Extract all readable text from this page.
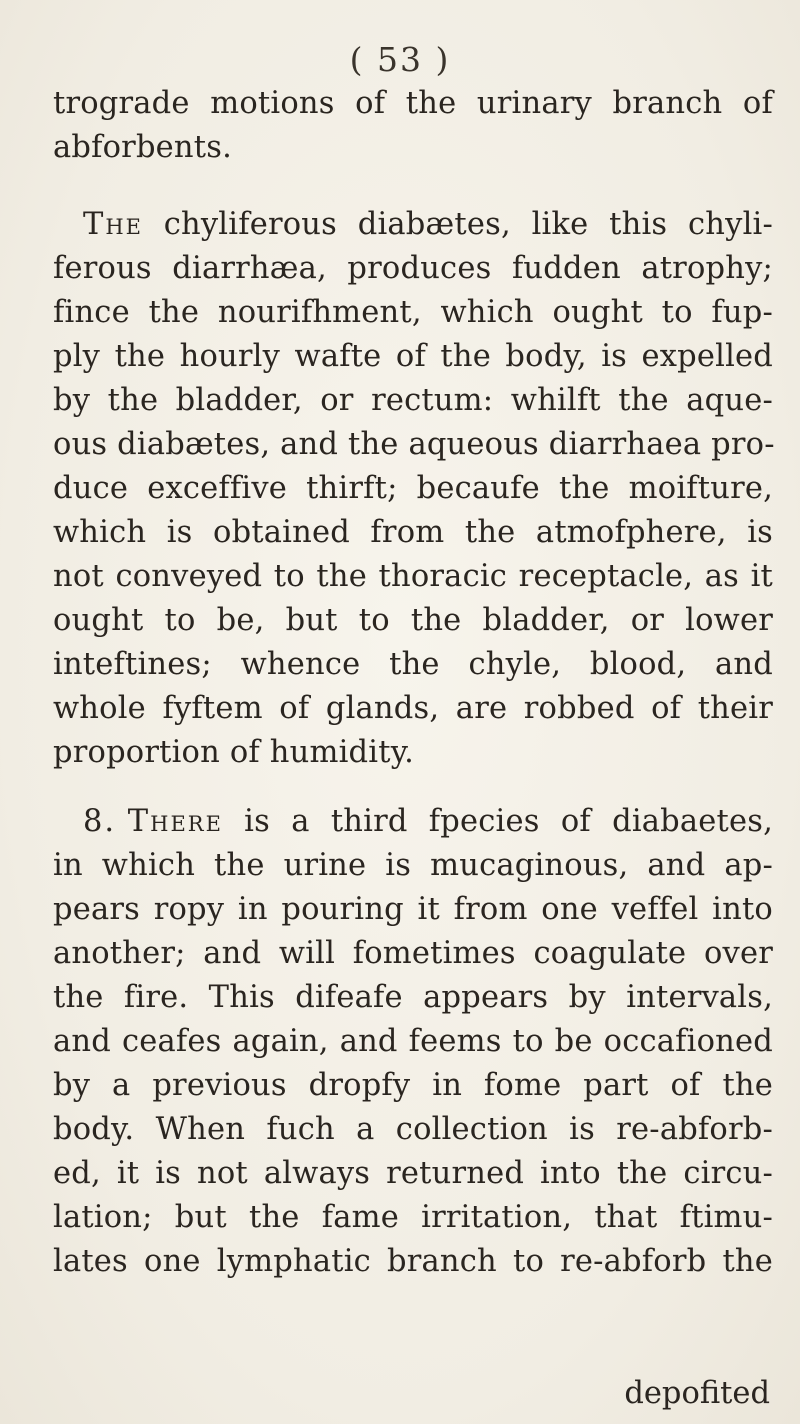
( 53 )
trograde motions of the urinary branch of
abforbents.
The chyliferous diabætes, like this chyli-
ferous diarrhæa, produces fudden atrophy;
fince the nourifhment, which ought to fup-
ply the hourly wafte of the body, is expelled
by the bladder, or rectum: whilft the aque-
ous diabætes, and the aqueous diarrhaea pro-
duce exceffive thirft; becaufe the moifture,
which is obtained from the atmofphere, is
not conveyed to the thoracic receptacle, as it
ought to be, but to the bladder, or lower
inteftines; whence the chyle, blood, and
whole fyftem of glands, are robbed of their
proportion of humidity.
8. There is a third fpecies of diabaetes,
in which the urine is mucaginous, and ap-
pears ropy in pouring it from one veffel into
another; and will fometimes coagulate over
the fire. This difeafe appears by intervals,
and ceafes again, and feems to be occafioned
by a previous dropfy in fome part of the
body. When fuch a collection is re-abforb-
ed, it is not always returned into the circu-
lation; but the fame irritation, that ftimu-
lates one lymphatic branch to re-abforb the
depofited
